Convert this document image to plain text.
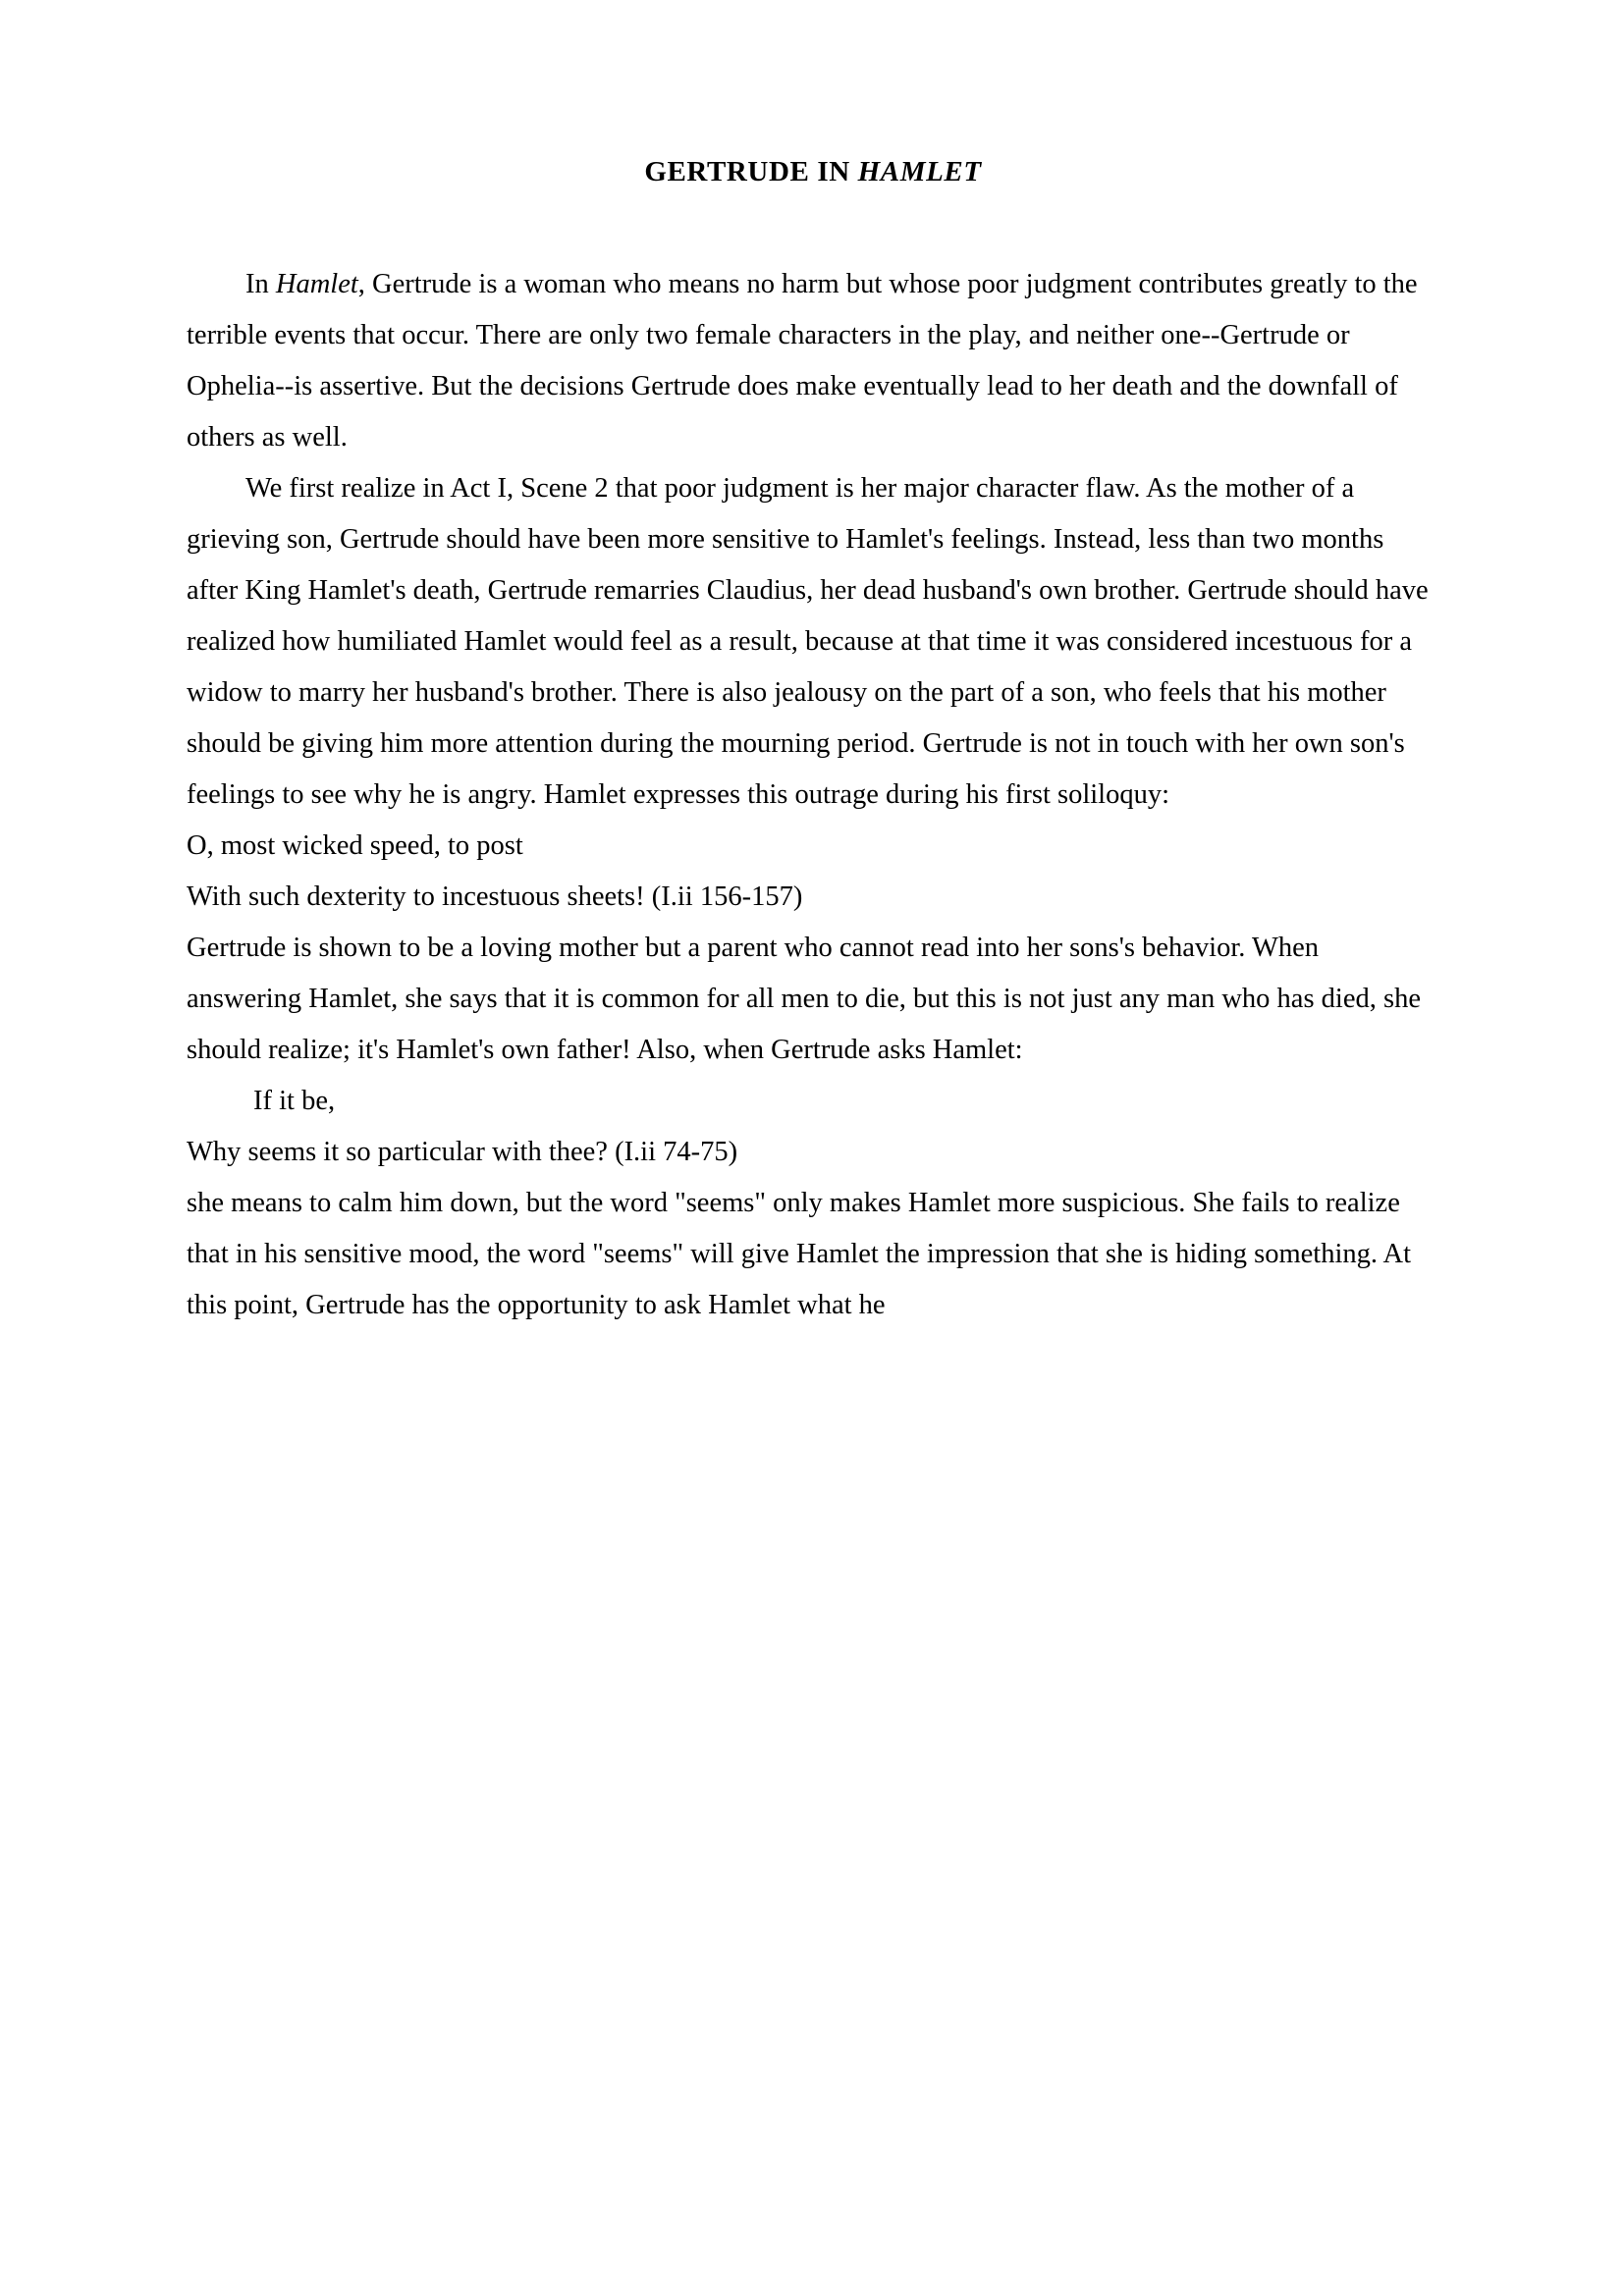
GERTRUDE IN HAMLET

In Hamlet, Gertrude is a woman who means no harm but whose poor judgment contributes greatly to the terrible events that occur. There are only two female characters in the play, and neither one--Gertrude or Ophelia--is assertive. But the decisions Gertrude does make eventually lead to her death and the downfall of others as well.

We first realize in Act I, Scene 2 that poor judgment is her major character flaw. As the mother of a grieving son, Gertrude should have been more sensitive to Hamlet's feelings. Instead, less than two months after King Hamlet's death, Gertrude remarries Claudius, her dead husband's own brother. Gertrude should have realized how humiliated Hamlet would feel as a result, because at that time it was considered incestuous for a widow to marry her husband's brother. There is also jealousy on the part of a son, who feels that his mother should be giving him more attention during the mourning period. Gertrude is not in touch with her own son's feelings to see why he is angry. Hamlet expresses this outrage during his first soliloquy:

O, most wicked speed, to post

With such dexterity to incestuous sheets! (I.ii 156-157)

Gertrude is shown to be a loving mother but a parent who cannot read into her sons's behavior. When answering Hamlet, she says that it is common for all men to die, but this is not just any man who has died, she should realize; it's Hamlet's own father! Also, when Gertrude asks Hamlet:

If it be,

Why seems it so particular with thee? (I.ii 74-75)

she means to calm him down, but the word "seems" only makes Hamlet more suspicious. She fails to realize that in his sensitive mood, the word "seems" will give Hamlet the impression that she is hiding something. At this point, Gertrude has the opportunity to ask Hamlet what he
